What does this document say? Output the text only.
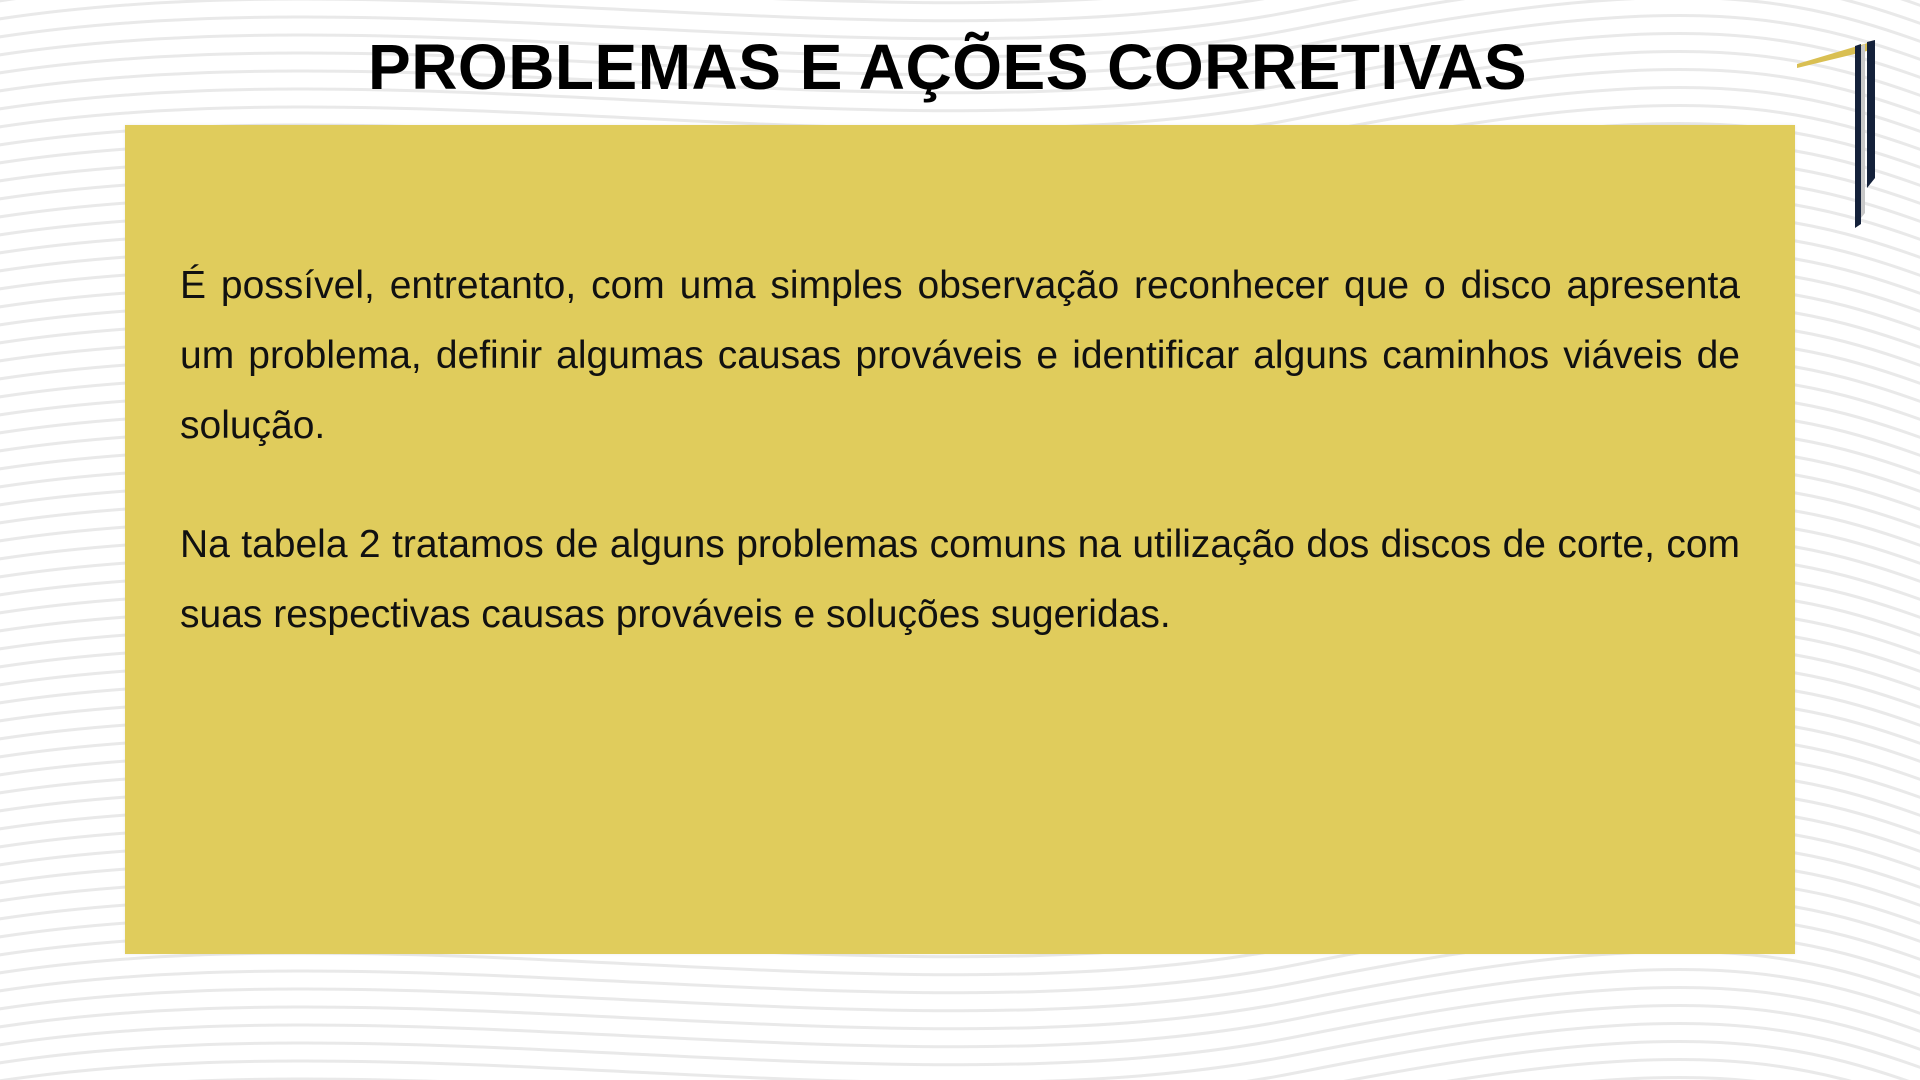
PROBLEMAS E AÇÕES CORRETIVAS

É possível, entretanto, com uma simples observação reconhecer que o disco apresenta um problema, definir algumas causas prováveis e identificar alguns caminhos viáveis de solução.

Na tabela 2 tratamos de alguns problemas comuns na utilização dos discos de corte, com suas respectivas causas prováveis e soluções sugeridas.
